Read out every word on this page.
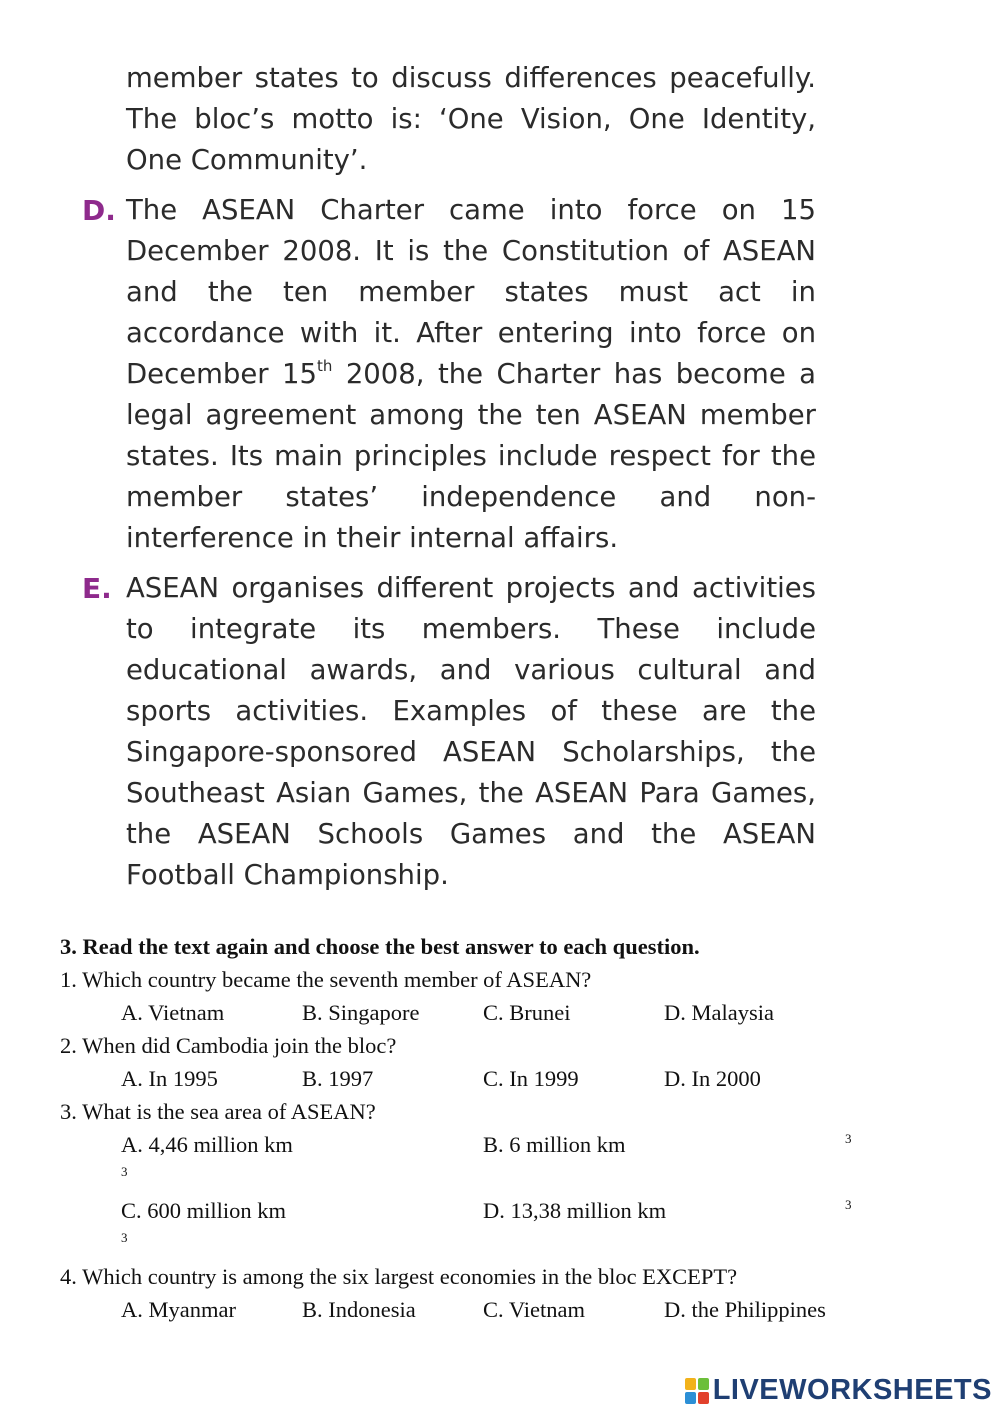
member states to discuss differences peacefully. The bloc’s motto is: ‘One Vision, One Identity, One Community’.
D. The ASEAN Charter came into force on 15 December 2008. It is the Constitution of ASEAN and the ten member states must act in accordance with it. After entering into force on December 15th 2008, the Charter has become a legal agreement among the ten ASEAN member states. Its main principles include respect for the member states’ independence and non-interference in their internal affairs.
E. ASEAN organises different projects and activities to integrate its members. These include educational awards, and various cultural and sports activities. Examples of these are the Singapore-sponsored ASEAN Scholarships, the Southeast Asian Games, the ASEAN Para Games, the ASEAN Schools Games and the ASEAN Football Championship.
3. Read the text again and choose the best answer to each question.
1. Which country became the seventh member of ASEAN?
A. Vietnam	B. Singapore	C. Brunei	D. Malaysia
2. When did Cambodia join the bloc?
A. In 1995	B. 1997	C. In 1999	D. In 2000
3. What is the sea area of ASEAN?
A. 4,46 million $km^3$
B. 6 million km	$^3$
C. 600 million $km^3$
D. 13,38 million km	$^3$
4. Which country is among the six largest economies in the bloc EXCEPT?
A. Myanmar	B. Indonesia	C. Vietnam	D. the Philippines
LIVEWORKSHEETS
